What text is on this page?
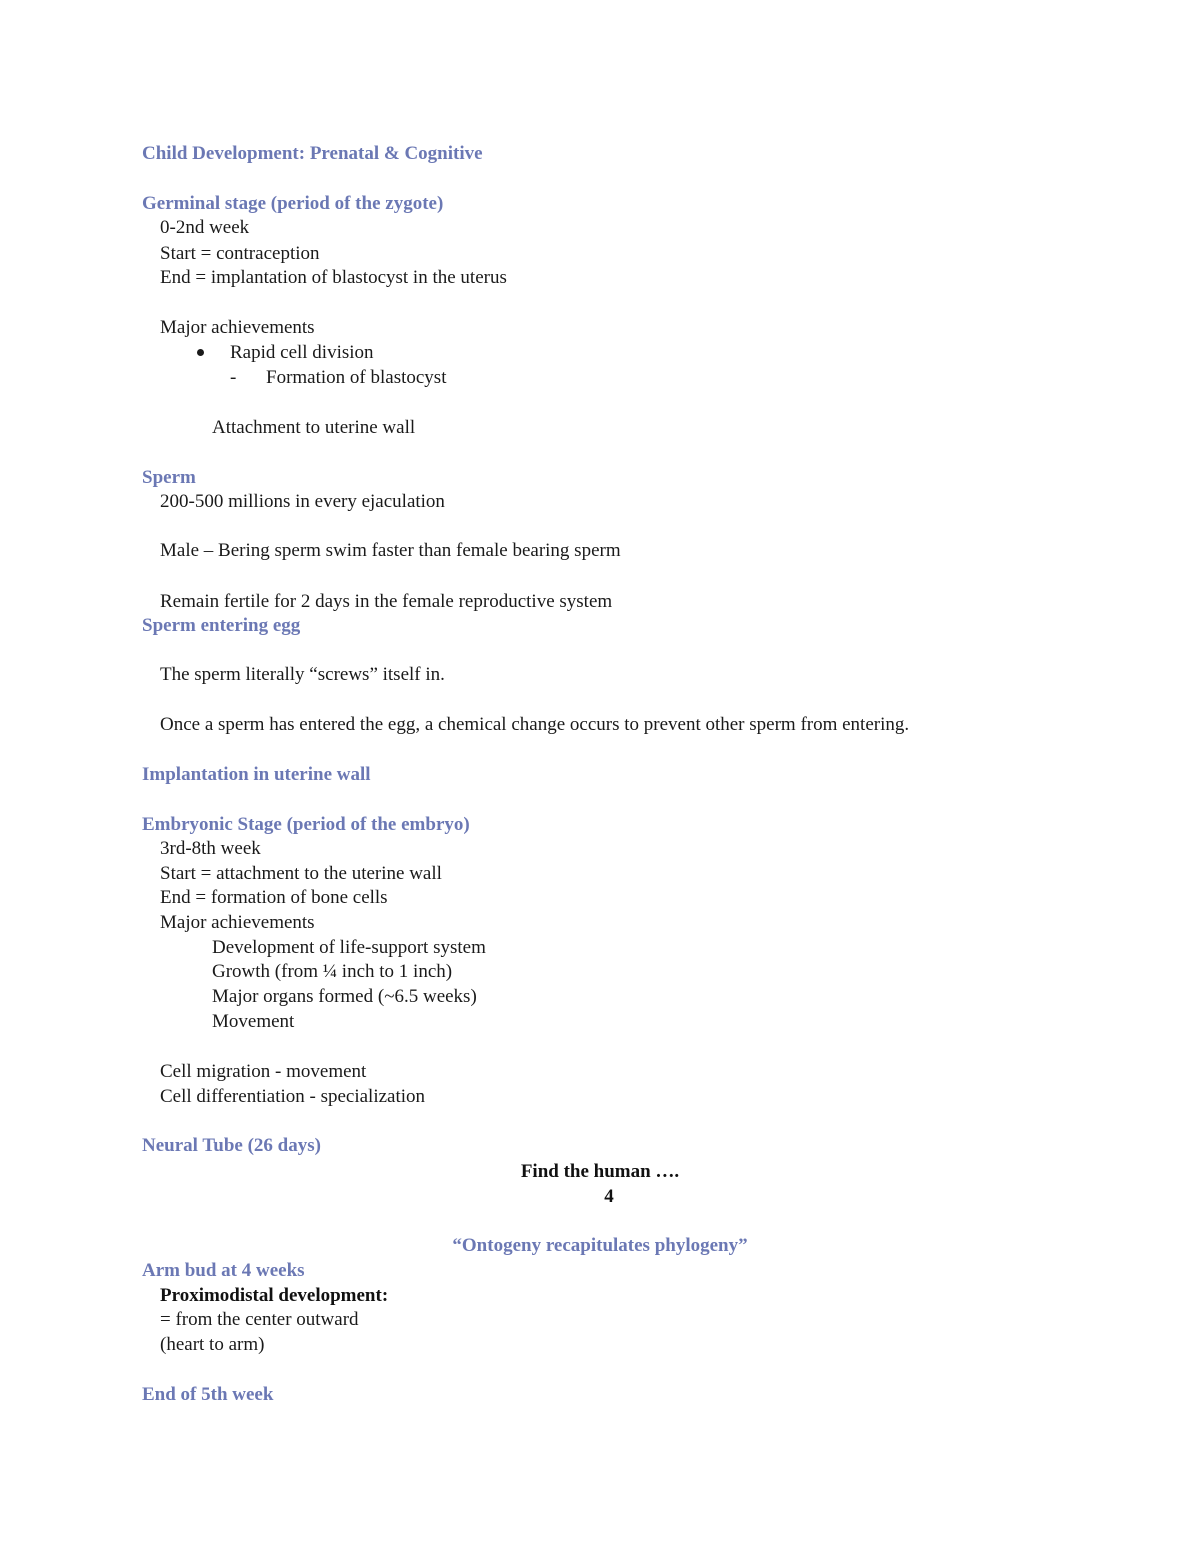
Child Development: Prenatal & Cognitive
Germinal stage (period of the zygote)
0-2nd week
Start = contraception
End = implantation of blastocyst in the uterus
Major achievements
Rapid cell division
- Formation of blastocyst
Attachment to uterine wall
Sperm
200-500 millions in every ejaculation
Male – Bering sperm swim faster than female bearing sperm
Remain fertile for 2 days in the female reproductive system
Sperm entering egg
The sperm literally “screws” itself in.
Once a sperm has entered the egg, a chemical change occurs to prevent other sperm from entering.
Implantation in uterine wall
Embryonic Stage (period of the embryo)
3rd-8th week
Start = attachment to the uterine wall
End = formation of bone cells
Major achievements
Development of life-support system
Growth (from ¼ inch to 1 inch)
Major organs formed (~6.5 weeks)
Movement
Cell migration - movement
Cell differentiation - specialization
Neural Tube (26 days)
Find the human ….
4
“Ontogeny recapitulates phylogeny”
Arm bud at 4 weeks
Proximodistal development:
= from the center outward
(heart to arm)
End of 5th week
